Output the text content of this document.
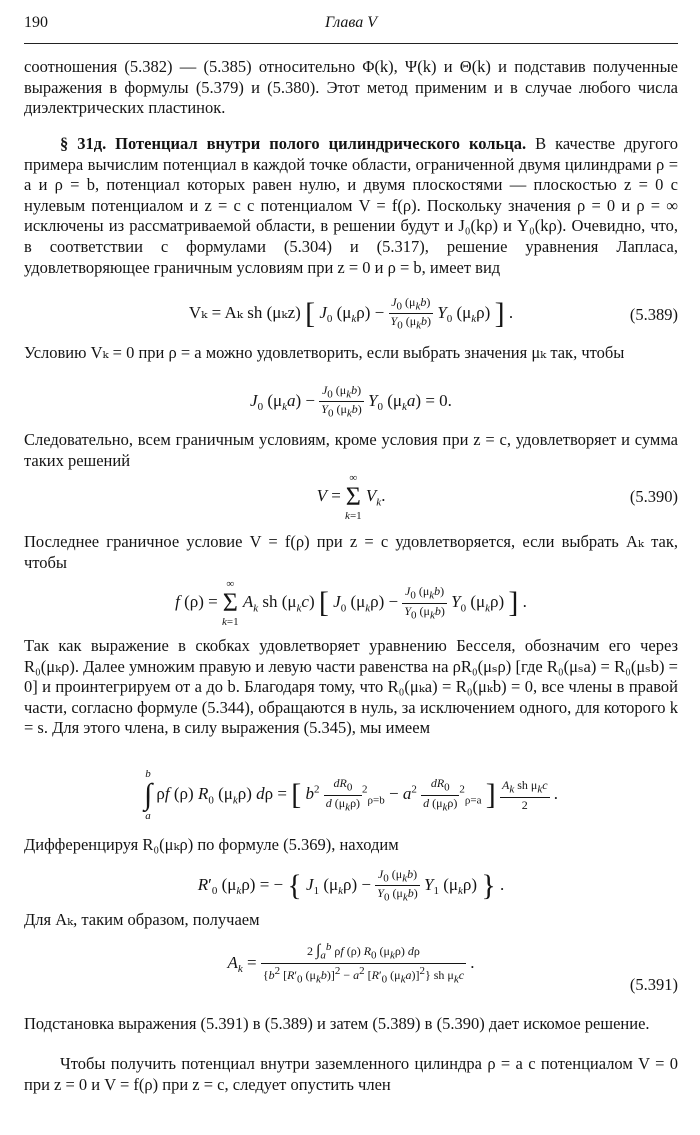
190	Глава V
соотношения (5.382) — (5.385) относительно Φ(k), Ψ(k) и Θ(k) и подставив полученные выражения в формулы (5.379) и (5.380). Этот метод применим и в случае любого числа диэлектрических пластинок.
§ 31д. Потенциал внутри полого цилиндрического кольца. В качестве другого примера вычислим потенциал в каждой точке области, ограниченной двумя цилиндрами ρ = a и ρ = b, потенциал которых равен нулю, и двумя плоскостями — плоскостью z = 0 с нулевым потенциалом и z = c с потенциалом V = f(ρ). Поскольку значения ρ = 0 и ρ = ∞ исключены из рассматриваемой области, в решении будут и J₀(kρ) и Y₀(kρ). Очевидно, что, в соответствии с формулами (5.304) и (5.317), решение уравнения Лапласа, удовлетворяющее граничным условиям при z = 0 и ρ = b, имеет вид
Vₖ = Aₖ sh (μₖz) [ $J_0$ $(\mu_k\rho) - \frac{J_0 (\mu_kb)}{Y_0 (\mu_kb)} Y_0$ $(\mu_k\rho)$ ] .	(5.389)
Условию Vₖ = 0 при ρ = a можно удовлетворить, если выбрать значения μₖ так, чтобы
$J_0$ $(\mu_ka) - \frac{J_0 (\mu_kb)}{Y_0 (\mu_kb)} Y_0$ $(\mu_ka) = 0$.
Следовательно, всем граничным условиям, кроме условия при z = c, удовлетворяет и сумма таких решений
V = ∞
Σ
k=1 $V_k$.	(5.390)
Последнее граничное условие V = f(ρ) при z = c удовлетворяется, если выбрать Aₖ так, чтобы
f (ρ) = ∞
Σ
k=1 $A_k$ sh $(\mu_kc)$ [ $J_0$ $(\mu_k\rho) - \frac{J_0 (\mu_kb)}{Y_0 (\mu_kb)} Y_0$ $(\mu_k\rho)$ ] .
Так как выражение в скобках удовлетворяет уравнению Бесселя, обозначим его через R₀(μₖρ). Далее умножим правую и левую части равенства на ρR₀(μₛρ) [где R₀(μₛa) = R₀(μₛb) = 0] и проинтегрируем от a до b. Благодаря тому, что R₀(μₖa) = R₀(μₖb) = 0, все члены в правой части, согласно формуле (5.344), обращаются в нуль, за исключением одного, для которого k = s. Для этого члена, в силу выражения (5.345), мы имеем
b
∫
a ρf (ρ) $R_0$ $(\mu_k\rho) d\rho$ = [ $b^2 \frac{dR_0}{d (\mu_k\rho)} ^2_{\rho=b} - a^2 \frac{dR_0}{d (\mu_k\rho)} ^2_{\rho=a}$ ] $\frac{A_k sh \mu_kc}{2}$ .
Дифференцируя R₀(μₖρ) по формуле (5.369), находим
$R'_0$ $(\mu_k\rho)$ = − { $J_1$ $(\mu_k\rho) - \frac{J_0 (\mu_kb)}{Y_0 (\mu_kb)} Y_1$ $(\mu_k\rho)$ } .
Для Aₖ, таким образом, получаем
$A_k = \frac{2 \int_a^b \rho f (\rho) R_0 (\mu_k\rho) d\rho}{\{b^2 [R'_0 (\mu_kb)]^2 - a^2 [R'_0 (\mu_ka)]^2\} sh \mu_kc}$ .
(5.391)
Подстановка выражения (5.391) в (5.389) и затем (5.389) в (5.390) дает искомое решение.
Чтобы получить потенциал внутри заземленного цилиндра ρ = a с потенциалом V = 0 при z = 0 и V = f(ρ) при z = c, следует опустить член
